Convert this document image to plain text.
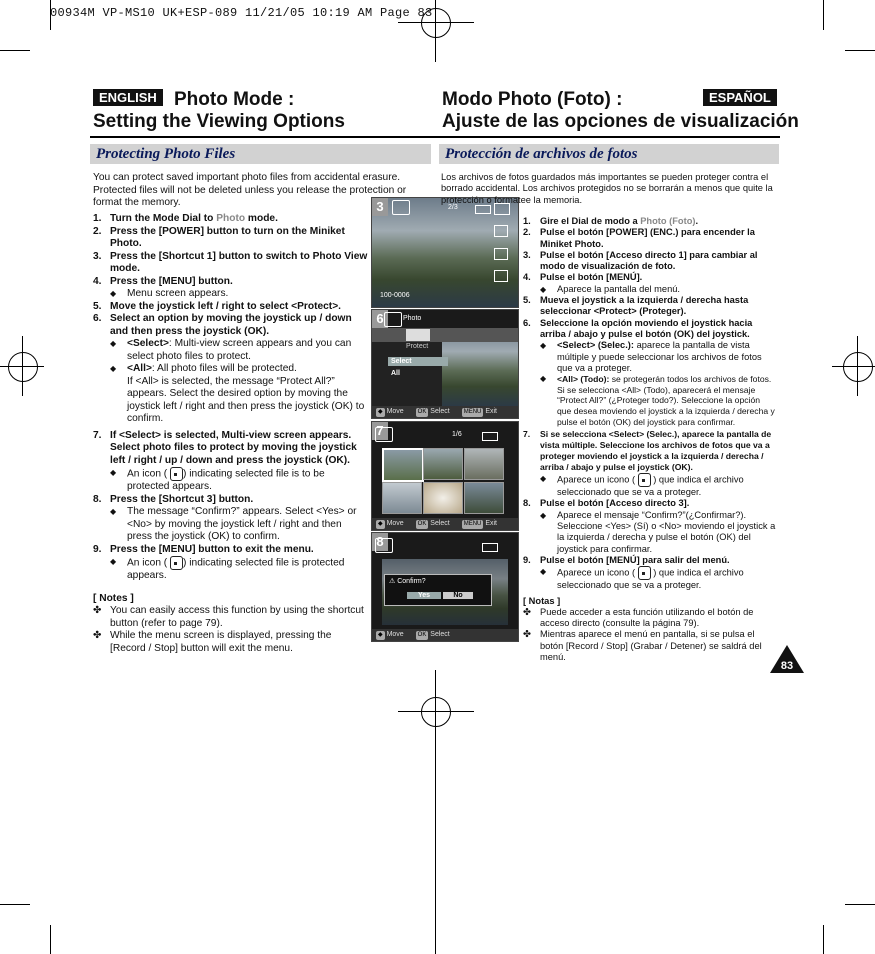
00934M VP-MS10 UK+ESP-089 11/21/05 10:19 AM Page 83
ENGLISH Photo Mode :
Setting the Viewing Options
Modo Photo (Foto) :	ESPAÑOL
Ajuste de las opciones de visualización
Protecting Photo Files	Protección de archivos de fotos
You can protect saved important photo files from accidental erasure. Protected files will not be deleted unless you release the protection or format the memory.
1. Turn the Mode Dial to Photo mode.
2. Press the [POWER] button to turn on the Miniket Photo.
3. Press the [Shortcut 1] button to switch to Photo View mode.
4. Press the [MENU] button.
◆ Menu screen appears.
5. Move the joystick left / right to select <Protect>.
6. Select an option by moving the joystick up / down and then press the joystick (OK).
◆ <Select>: Multi-view screen appears and you can select photo files to protect.
◆ <All>: All photo files will be protected.
If <All> is selected, the message “Protect All?” appears. Select the desired option by moving the joystick left / right and then press the joystick (OK) to confirm.
7. If <Select> is selected, Multi-view screen appears. Select photo files to protect by moving the joystick left / right / up / down and press the joystick (OK).
◆ An icon ( ) indicating selected file is to be protected appears.
8. Press the [Shortcut 3] button.
◆ The message “Confirm?” appears. Select <Yes> or <No> by moving the joystick left / right and then press the joystick (OK) to confirm.
9. Press the [MENU] button to exit the menu.
◆ An icon ( ) indicating selected file is protected appears.
[ Notes ]
✤ You can easily access this function by using the shortcut button (refer to page 79).
✤ While the menu screen is displayed, pressing the [Record / Stop] button will exit the menu.
3	2/3
100-0006
6	Photo
Protect
Select
All
◆ Move OK Select MENU Exit
7	1/6
◆ Move OK Select MENU Exit
8
⚠ Confirm?
Yes	No
◆ Move OK Select
Los archivos de fotos guardados más importantes se pueden proteger contra el borrado accidental. Los archivos protegidos no se borrarán a menos que quite la protección o formatee la memoria.
1. Gire el Dial de modo a Photo (Foto).
2. Pulse el botón [POWER] (ENC.) para encender la Miniket Photo.
3. Pulse el botón [Acceso directo 1] para cambiar al modo de visualización de foto.
4. Pulse el botón [MENÚ].
◆ Aparece la pantalla del menú.
5. Mueva el joystick a la izquierda / derecha hasta seleccionar <Protect> (Proteger).
6. Seleccione la opción moviendo el joystick hacia arriba / abajo y pulse el botón (OK) del joystick.
◆ <Select> (Selec.): aparece la pantalla de vista múltiple y puede seleccionar los archivos de fotos que va a proteger.
◆ <All> (Todo): se protegerán todos los archivos de fotos. Si se selecciona <All> (Todo), aparecerá el mensaje “Protect All?” (¿Proteger todo?). Seleccione la opción que desea moviendo el joystick a la izquierda / derecha y pulse el botón (OK) del joystick para confirmar.
7. Si se selecciona <Select> (Selec.), aparece la pantalla de vista múltiple. Seleccione los archivos de fotos que va a proteger moviendo el joystick a la izquierda / derecha / arriba / abajo y pulse el joystick (OK).
◆ Aparece un icono ( ) que indica el archivo seleccionado que se va a proteger.
8. Pulse el botón [Acceso directo 3].
◆ Aparece el mensaje “Confirm?”(¿Confirmar?). Seleccione <Yes> (Sí) o <No> moviendo el joystick a la izquierda / derecha y pulse el botón (OK) del joystick para confirmar.
9. Pulse el botón [MENÚ] para salir del menú.
◆ Aparece un icono ( ) que indica el archivo seleccionado que se va a proteger.
[ Notas ]
✤ Puede acceder a esta función utilizando el botón de acceso directo (consulte la página 79).
✤ Mientras aparece el menú en pantalla, si se pulsa el botón [Record / Stop] (Grabar / Detener) se saldrá del menú.
83
